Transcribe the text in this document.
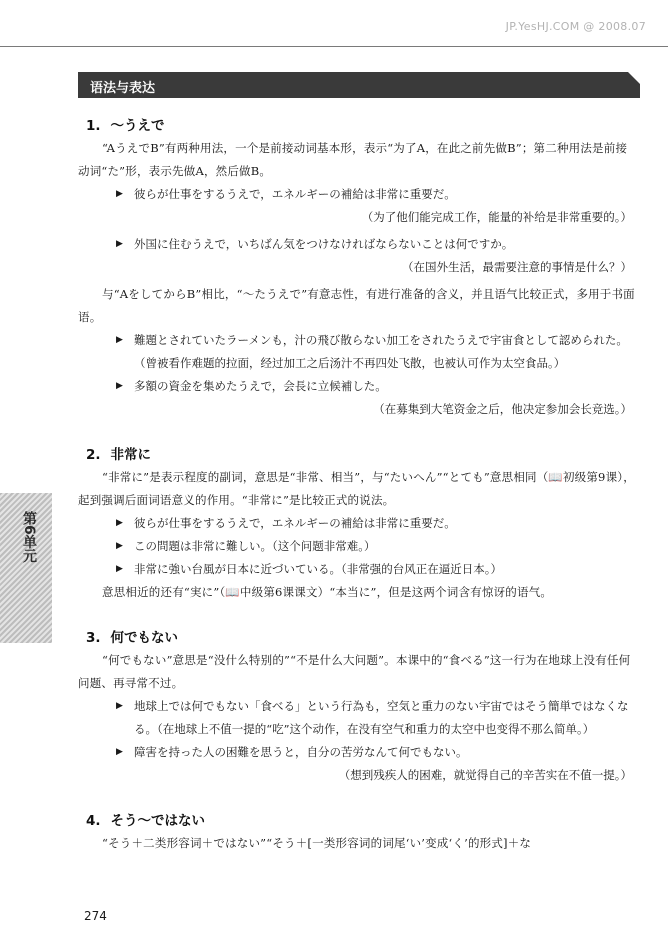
JP.YesHJ.COM @ 2008.07
语法与表达
第6单元
1. ～うえで

“AうえでB”有两种用法，一个是前接动词基本形，表示“为了A，在此之前先做B”；第二种用法是前接动词“た”形，表示先做A，然后做B。

▶ 彼らが仕事をするうえで，エネルギーの補給は非常に重要だ。
（为了他们能完成工作，能量的补给是非常重要的。）
▶ 外国に住むうえで，いちばん気をつけなければならないことは何ですか。
（在国外生活，最需要注意的事情是什么？）

与“AをしてからB”相比，“～たうえで”有意志性，有进行准备的含义，并且语气比较正式，多用于书面语。

▶ 難題とされていたラーメンも，汁の飛び散らない加工をされたうえで宇宙食として認められた。（曾被看作难题的拉面，经过加工之后汤汁不再四处飞散，也被认可作为太空食品。）
▶ 多額の資金を集めたうえで，会長に立候補した。
（在募集到大笔资金之后，他决定参加会长竞选。）
2. 非常に

“非常に”是表示程度的副词，意思是“非常、相当”，与“たいへん”“とても”意思相同（📖初级第9课），起到强调后面词语意义的作用。“非常に”是比较正式的说法。

▶ 彼らが仕事をするうえで，エネルギーの補給は非常に重要だ。
▶ この問題は非常に難しい。（这个问题非常难。）
▶ 非常に強い台風が日本に近づいている。（非常强的台风正在逼近日本。）

意思相近的还有“実に”（📖中级第6课课文）“本当に”，但是这两个词含有惊讶的语气。

3. 何でもない

“何でもない”意思是“没什么特别的”“不是什么大问题”。本课中的“食べる”这一行为在地球上没有任何问题、再寻常不过。

▶ 地球上では何でもない「食べる」という行為も，空気と重力のない宇宙ではそう簡単ではなくなる。（在地球上不值一提的“吃”这个动作，在没有空气和重力的太空中也变得不那么简单。）
▶ 障害を持った人の困難を思うと，自分の苦労なんて何でもない。
（想到残疾人的困难，就觉得自己的辛苦实在不值一提。）
4. そう～ではない

“そう＋二类形容词＋ではない”“そう＋[一类形容词的词尾‘い’变成‘く’的形式]＋な

274
